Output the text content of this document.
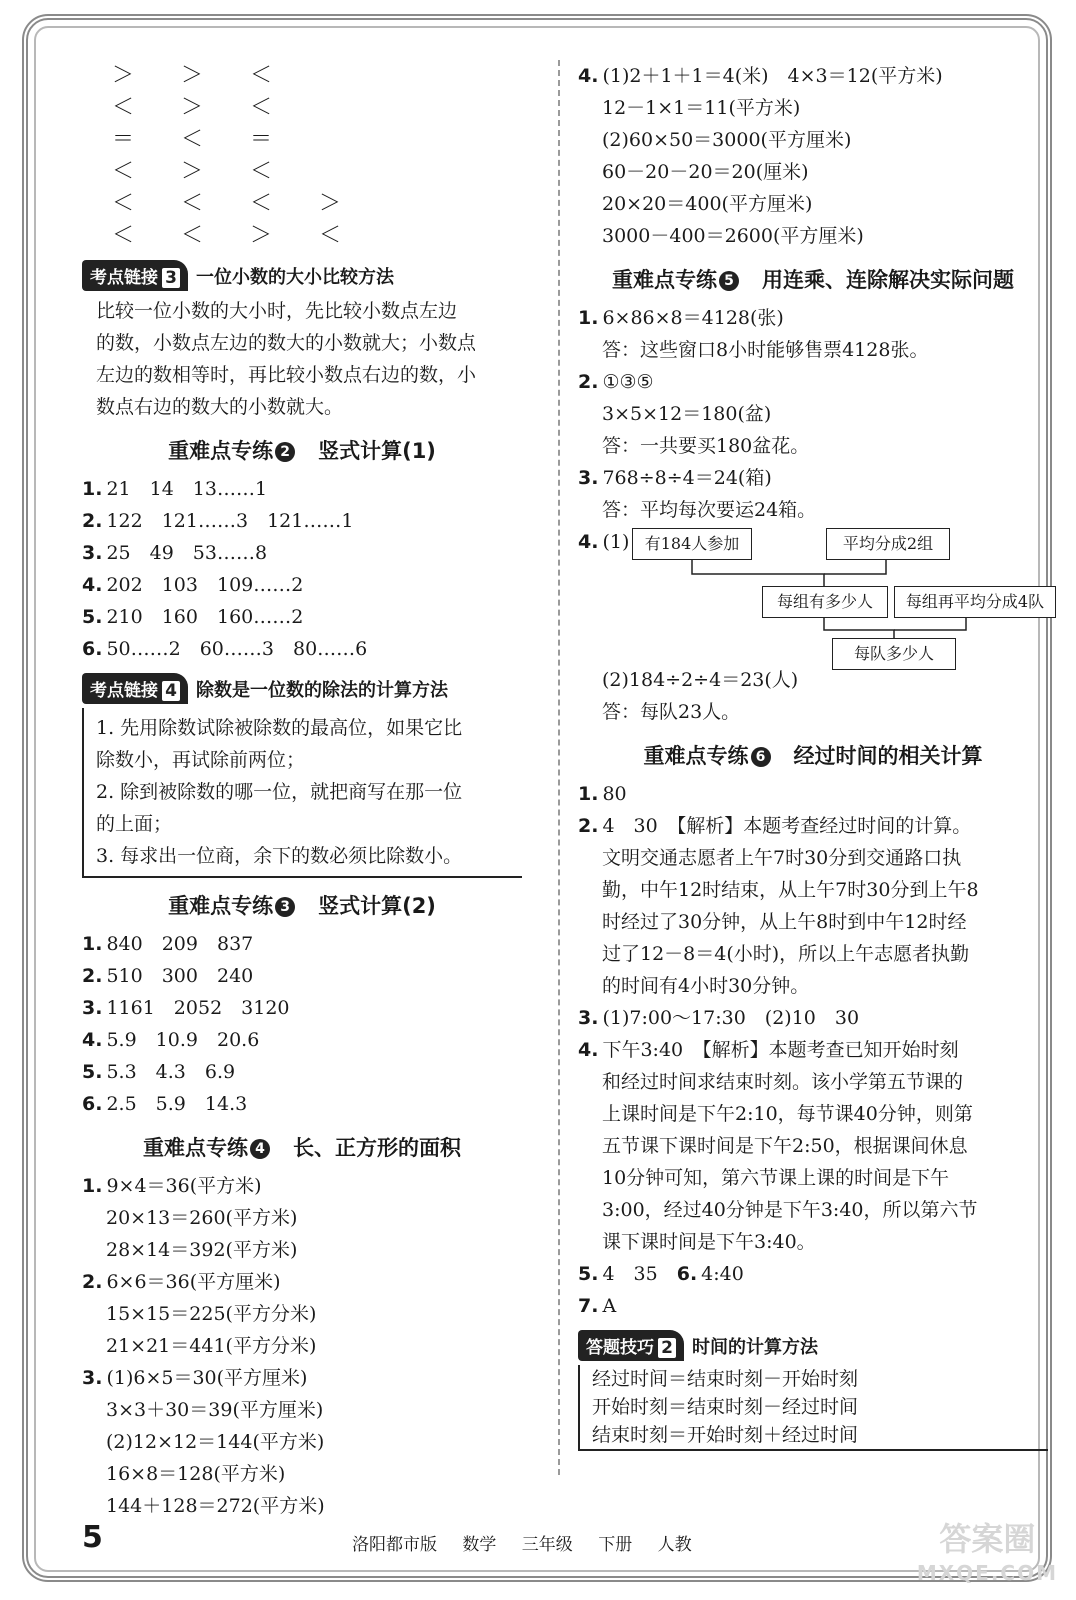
＞ ＞ ＜

＜ ＞ ＜

＝ ＜ ＝

＜ ＞ ＜

＜ ＜ ＜ ＞

＜ ＜ ＞ ＜

考点链接 3	一位小数的大小比较方法

比较一位小数的大小时，先比较小数点左边

的数，小数点左边的数大的小数就大；小数点

左边的数相等时，再比较小数点右边的数，小

数点右边的数大的小数就大。

重难点专练 2　 竖式计算(1)

1. 21　14　13……1

2. 122　121……3　121……1

3. 25　49　53……8

4. 202　103　109……2

5. 210　160　160……2

6. 50……2　60……3　80……6

考点链接 4	除数是一位数的除法的计算方法

1. 先用除数试除被除数的最高位，如果它比

除数小，再试除前两位；

2. 除到被除数的哪一位，就把商写在那一位

的上面；

3. 每求出一位商，余下的数必须比除数小。

重难点专练 3　 竖式计算(2)

1. 840　209　837

2. 510　300　240

3. 1161　2052　3120

4. 5.9　10.9　20.6

5. 5.3　4.3　6.9

6. 2.5　5.9　14.3

重难点专练 4　 长、正方形的面积

1. 9×4＝36(平方米)

20×13＝260(平方米)

28×14＝392(平方米)

2. 6×6＝36(平方厘米)

15×15＝225(平方分米)

21×21＝441(平方分米)

3. (1)6×5＝30(平方厘米)

3×3＋30＝39(平方厘米)

(2)12×12＝144(平方米)

16×8＝128(平方米)

144＋128＝272(平方米)

4. (1)2＋1＋1＝4(米)　4×3＝12(平方米)

12－1×1＝11(平方米)

(2)60×50＝3000(平方厘米)

60－20－20＝20(厘米)

20×20＝400(平方厘米)

3000－400＝2600(平方厘米)

重难点专练 5　 用连乘、连除解决实际问题

1. 6×86×8＝4128(张)

答：这些窗口8小时能够售票4128张。

2. ①③⑤

3×5×12＝180(盆)

答：一共要买180盆花。

3. 768÷8÷4＝24(箱)

答：平均每次要运24箱。

4. (1) 有184人参加	平均分成2组
每组有多少人	每组再平均分成4队
每队多少人

(2)184÷2÷4＝23(人)

答：每队23人。

重难点专练 6　 经过时间的相关计算

1. 80

2. 4　30　【解析】本题考查经过时间的计算。

文明交通志愿者上午7时30分到交通路口执

勤，中午12时结束，从上午7时30分到上午8

时经过了30分钟，从上午8时到中午12时经

过了12－8＝4(小时)，所以上午志愿者执勤

的时间有4小时30分钟。

3. (1)7:00～17:30　(2)10　30

4. 下午3:40　【解析】本题考查已知开始时刻

和经过时间求结束时刻。该小学第五节课的

上课时间是下午2:10，每节课40分钟，则第

五节课下课时间是下午2:50，根据课间休息

10分钟可知，第六节课上课的时间是下午

3:00，经过40分钟是下午3:40，所以第六节

课下课时间是下午3:40。

5. 4　35　6. 4:40

7. A

答题技巧 2	时间的计算方法

经过时间＝结束时刻－开始时刻

开始时刻＝结束时刻－经过时间

结束时刻＝开始时刻＋经过时间

5	洛阳都市版 数学 三年级 下册 人教	答案圈
MXQE.COM
